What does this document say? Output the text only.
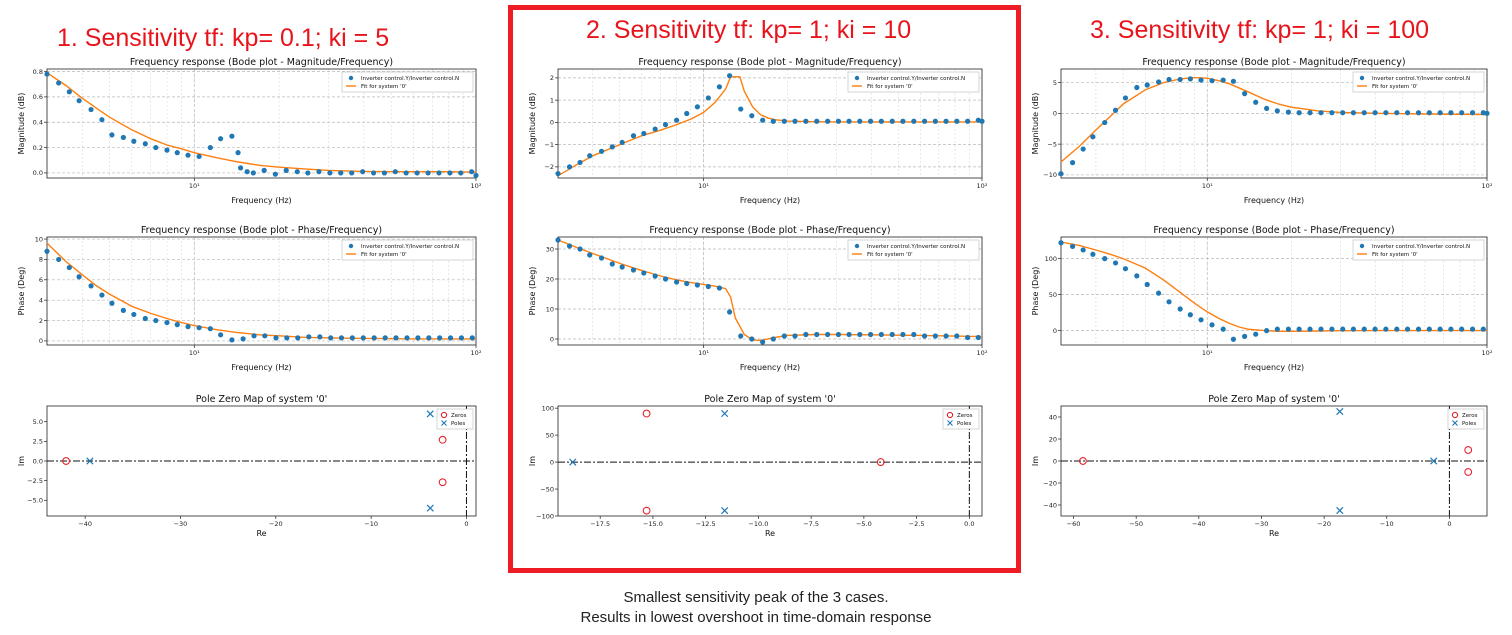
1. Sensitivity tf: kp= 0.1; ki = 5	2. Sensitivity tf: kp= 1; ki = 10	3. Sensitivity tf: kp= 1; ki = 100
Frequency response (Bode plot - Magnitude/Frequency)
Frequency (Hz)
Magnitude (dB)
10¹	10²
0.0
0.2
0.4
0.6
0.8
Inverter control.Y/Inverter control.N
Fit for system '0'
Frequency response (Bode plot - Phase/Frequency)
Frequency (Hz)
Phase (Deg)
10¹	10²
0
2
4
6
8
10
Inverter control.Y/Inverter control.N
Fit for system '0'
Pole Zero Map of system '0'
Re
Im
−40	−30	−20	−10	0
−5.0
−2.5
0.0
2.5
5.0
Zeros
Poles
Frequency response (Bode plot - Magnitude/Frequency)
Frequency (Hz)
Magnitude (dB)
10¹	10²
−2
−1
0
1
2	Inverter control.Y/Inverter control.N
Fit for system '0'
Frequency response (Bode plot - Phase/Frequency)
Frequency (Hz)
Phase (Deg)
10¹	10²
0
10
20
30	Inverter control.Y/Inverter control.N
Fit for system '0'
Pole Zero Map of system '0'
Re
Im
−17.5	−15.0	−12.5	−10.0	−7.5	−5.0	−2.5	0.0
−100
−50
0
50
100
Zeros
Poles
Frequency response (Bode plot - Magnitude/Frequency)
Frequency (Hz)
Magnitude (dB)
10¹	10²
−10
−5
0
5	Inverter control.Y/Inverter control.N
Fit for system '0'
Frequency response (Bode plot - Phase/Frequency)
Frequency (Hz)
Phase (Deg)
10¹	10²
0
50
100
Inverter control.Y/Inverter control.N
Fit for system '0'
Pole Zero Map of system '0'
Re
Im
−60	−50	−40	−30	−20	−10	0
−40
−20
0
20
40	Zeros
Poles
Smallest sensitivity peak of the 3 cases.
Results in lowest overshoot in time-domain response
